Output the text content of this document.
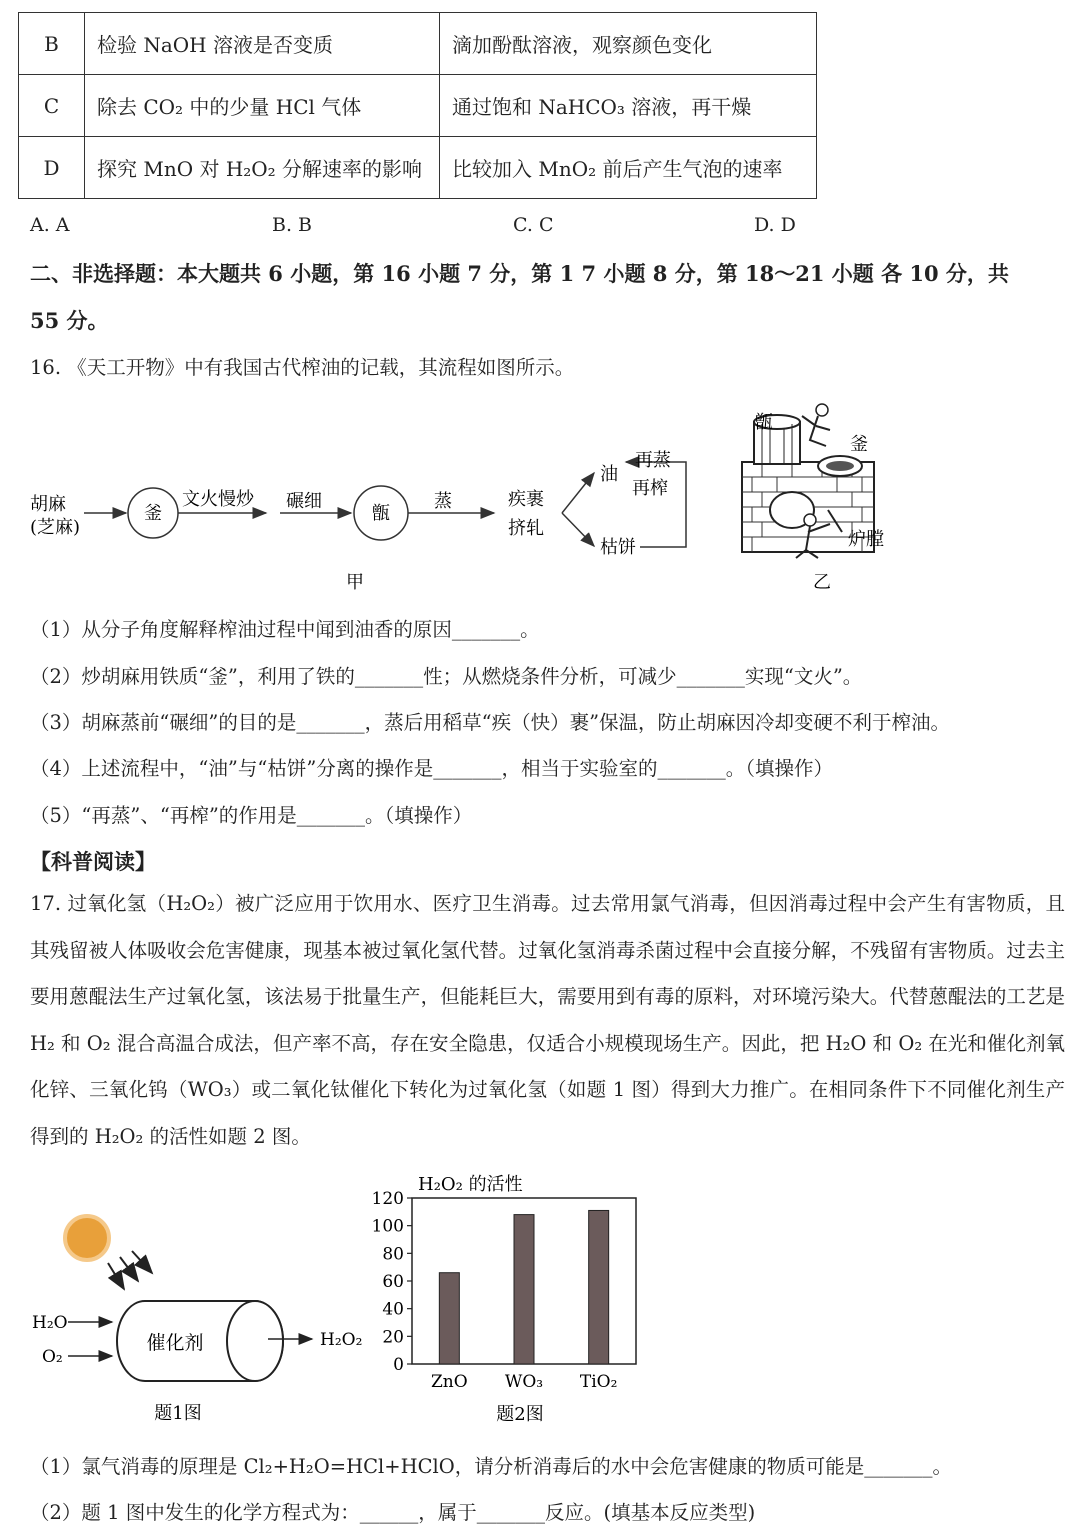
B	检验 NaOH 溶液是否变质	滴加酚酞溶液，观察颜色变化
C	除去 CO₂ 中的少量 HCl 气体	通过饱和 NaHCO₃ 溶液，再干燥
D	探究 MnO 对 H₂O₂ 分解速率的影响	比较加入 MnO₂ 前后产生气泡的速率
A. A	B. B	C. C	D. D
二、非选择题：本大题共 6 小题，第 16 小题 7 分，第 1 7 小题 8 分，第 18～21 小题 各 10 分，共
55 分。
16. 《天工开物》中有我国古代榨油的记载，其流程如图所示。
胡麻
(芝麻)
釜
文火慢炒 碾细
甑
蒸	疾裹
挤轧
油
枯饼
再蒸
再榨
甲
甑
釜
炉膛
乙
（1）从分子角度解释榨油过程中闻到油香的原因_______。
（2）炒胡麻用铁质“釜”，利用了铁的_______性；从燃烧条件分析，可减少_______实现“文火”。
（3）胡麻蒸前“碾细”的目的是_______，蒸后用稻草“疾（快）裹”保温，防止胡麻因冷却变硬不利于榨油。
（4）上述流程中，“油”与“枯饼”分离的操作是_______，相当于实验室的_______。（填操作）
（5）“再蒸”、“再榨”的作用是_______。（填操作）
【科普阅读】
17. 过氧化氢（H₂O₂）被广泛应用于饮用水、医疗卫生消毒。过去常用氯气消毒，但因消毒过程中会产生有害物质，且其残留被人体吸收会危害健康，现基本被过氧化氢代替。过氧化氢消毒杀菌过程中会直接分解，不残留有害物质。过去主要用蒽醌法生产过氧化氢，该法易于批量生产，但能耗巨大，需要用到有毒的原料，对环境污染大。代替蒽醌法的工艺是 H₂ 和 O₂ 混合高温合成法，但产率不高，存在安全隐患，仅适合小规模现场生产。因此，把 H₂O 和 O₂ 在光和催化剂氧化锌、三氧化钨（WO₃）或二氧化钛催化下转化为过氧化氢（如题 1 图）得到大力推广。在相同条件下不同催化剂生产得到的 H₂O₂ 的活性如题 2 图。
催化剂
H₂O
O₂
H₂O₂
题1图
H₂O₂ 的活性
0
20
40
60
80
100
120
ZnO WO₃ TiO₂
题2图
（1）氯气消毒的原理是 Cl₂+H₂O=HCl+HClO，请分析消毒后的水中会危害健康的物质可能是_______。
（2）题 1 图中发生的化学方程式为：______，属于_______反应。(填基本反应类型)
